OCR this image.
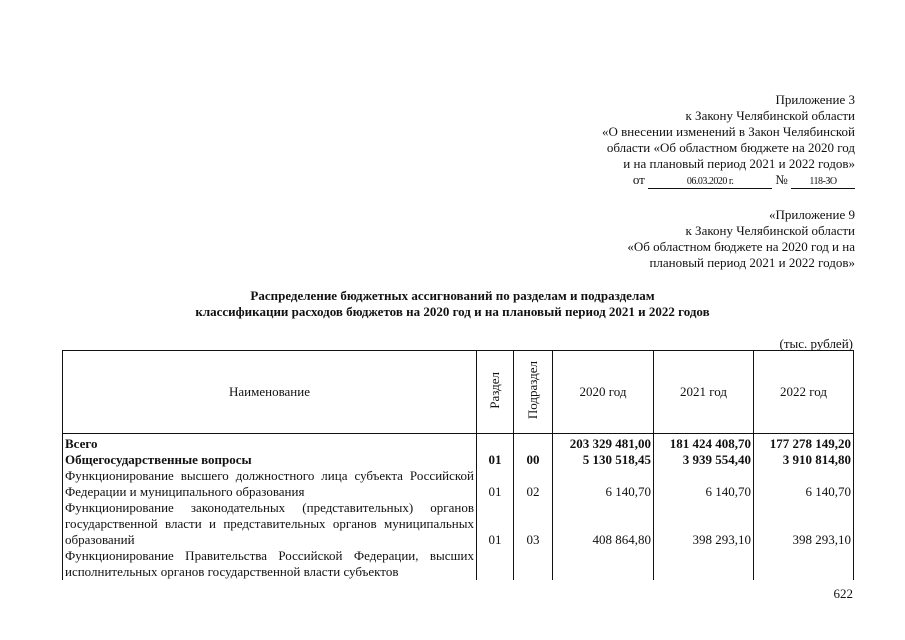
Приложение 3
к Закону Челябинской области
«О внесении изменений в Закон Челябинской
области «Об областном бюджете на 2020 год
и на плановый период 2021 и 2022 годов»
от	06.03.2020 г.	№ 118-ЗО
«Приложение 9
к Закону Челябинской области
«Об областном бюджете на 2020 год и на
плановый период 2021 и 2022 годов»
Распределение бюджетных ассигнований по разделам и подразделам
классификации расходов бюджетов на 2020 год и на плановый период 2021 и 2022 годов
(тыс. рублей)
Наименование	Раздел	Подраздел	2020 год	2021 год	2022 год
Всего			203 329 481,00	181 424 408,70	177 278 149,20
Общегосударственные вопросы	01	00	5 130 518,45	3 939 554,40	3 910 814,80
Функционирование высшего должностного лица субъекта Российской Федерации и муниципального образования	01	02	6 140,70	6 140,70	6 140,70
Функционирование законодательных (представительных) органов государственной власти и представительных органов муниципальных образований	01	03	408 864,80	398 293,10	398 293,10
Функционирование Правительства Российской Федерации, высших исполнительных органов государственной власти субъектов					
622
